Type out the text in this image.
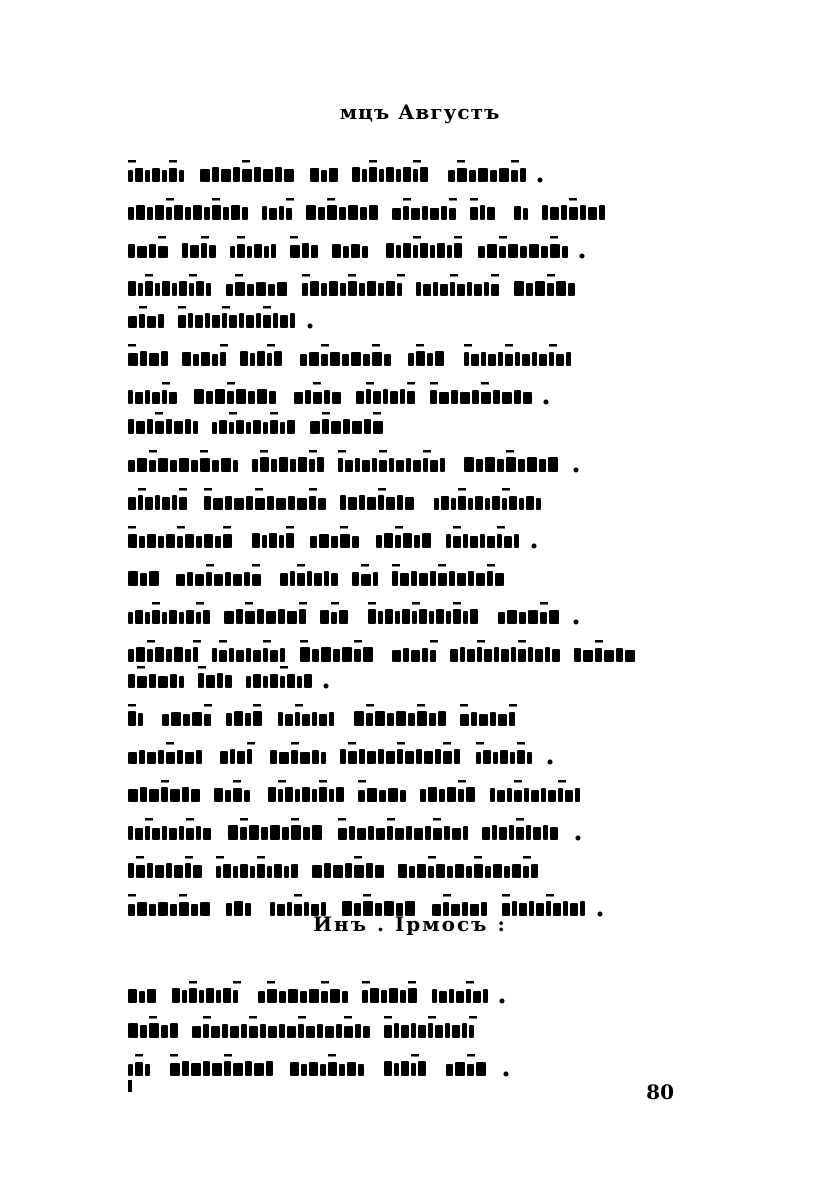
мцъ Августъ
Инъ . Ірмосъ :
80
